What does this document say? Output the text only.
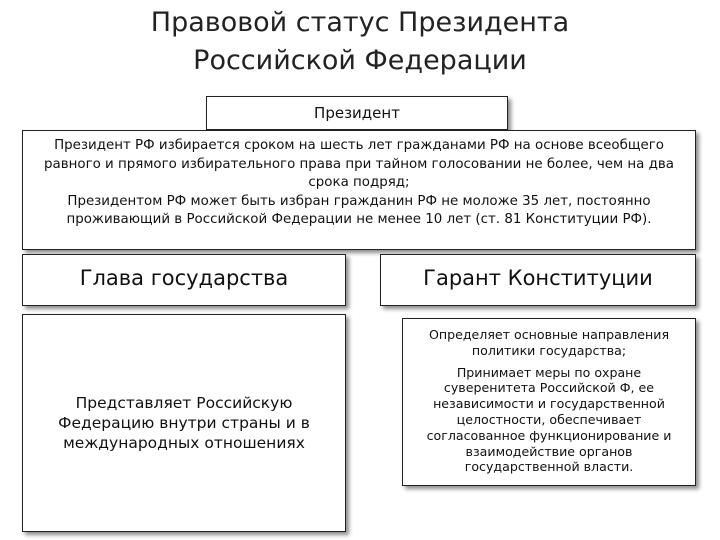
Правовой статус Президента
Российской Федерации
Президент

Президент РФ избирается сроком на шесть лет гражданами РФ на основе всеобщего равного и прямого избирательного права при тайном голосовании не более, чем на два срока подряд;

Президентом РФ может быть избран гражданин РФ не моложе 35 лет, постоянно проживающий в Российской Федерации не менее 10 лет (ст. 81 Конституции РФ).

Глава государства	Гарант Конституции
Представляет Российскую Федерацию внутри страны и в международных отношениях

Определяет основные направления политики государства;

Принимает меры по охране суверенитета Российской Ф, ее независимости и государственной целостности, обеспечивает согласованное функционирование и взаимодействие органов государственной власти.
